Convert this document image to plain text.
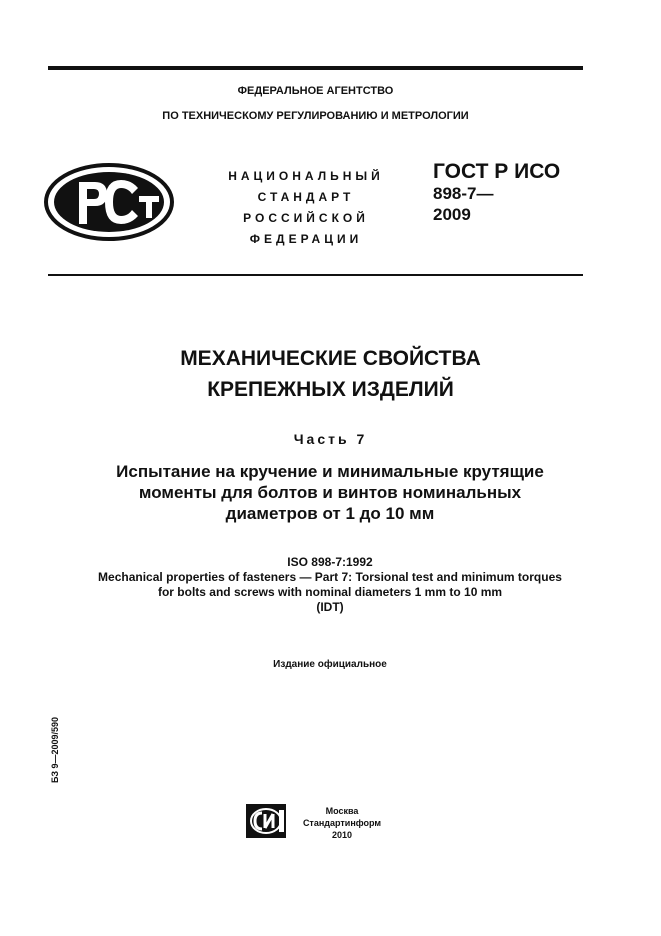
ФЕДЕРАЛЬНОЕ АГЕНТСТВО
ПО ТЕХНИЧЕСКОМУ РЕГУЛИРОВАНИЮ И МЕТРОЛОГИИ
НАЦИОНАЛЬНЫЙ
СТАНДАРТ
РОССИЙСКОЙ
ФЕДЕРАЦИИ
ГОСТ Р ИСО
898-7—
2009
МЕХАНИЧЕСКИЕ СВОЙСТВА
КРЕПЕЖНЫХ ИЗДЕЛИЙ
Часть 7
Испытание на кручение и минимальные крутящие
моменты для болтов и винтов номинальных
диаметров от 1 до 10 мм
ISO 898-7:1992
Mechanical properties of fasteners — Part 7: Torsional test and minimum torques
for bolts and screws with nominal diameters 1 mm to 10 mm
(IDT)
Издание официальное
БЗ 9—2009/590
Москва
Стандартинформ
2010
